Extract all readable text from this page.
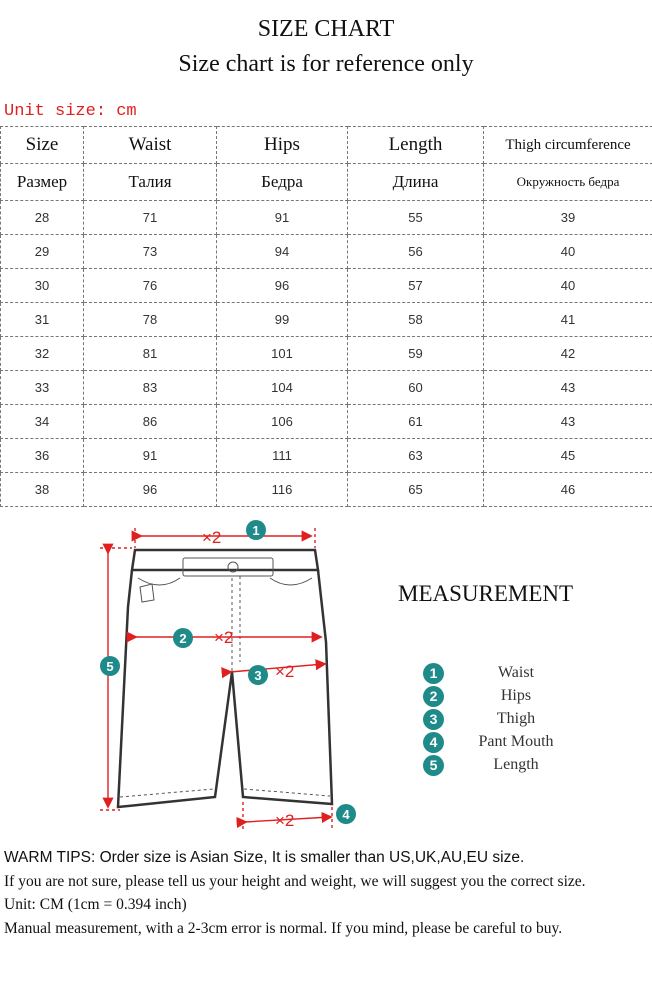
SIZE CHART
Size chart is for reference only
Unit size: cm
Size	Waist	Hips	Length	Thigh circumference
Размер	Талия	Бедра	Длина	Окружность бедра
28	71	91	55	39
29	73	94	56	40
30	76	96	57	40
31	78	99	58	41
32	81	101	59	42
33	83	104	60	43
34	86	106	61	43
36	91	111	63	45
38	96	116	65	46
×2
×2
×2
×2
1
2
3
4
5
MEASUREMENT
1	Waist
2	Hips
3	Thigh
4	Pant Mouth
5	Length

WARM TIPS: Order size is Asian Size, It is smaller than US,UK,AU,EU size.

If you are not sure, please tell us your height and weight, we will suggest you the correct size.

Unit: CM (1cm = 0.394 inch)

Manual measurement, with a 2-3cm error is normal. If you mind, please be careful to buy.
